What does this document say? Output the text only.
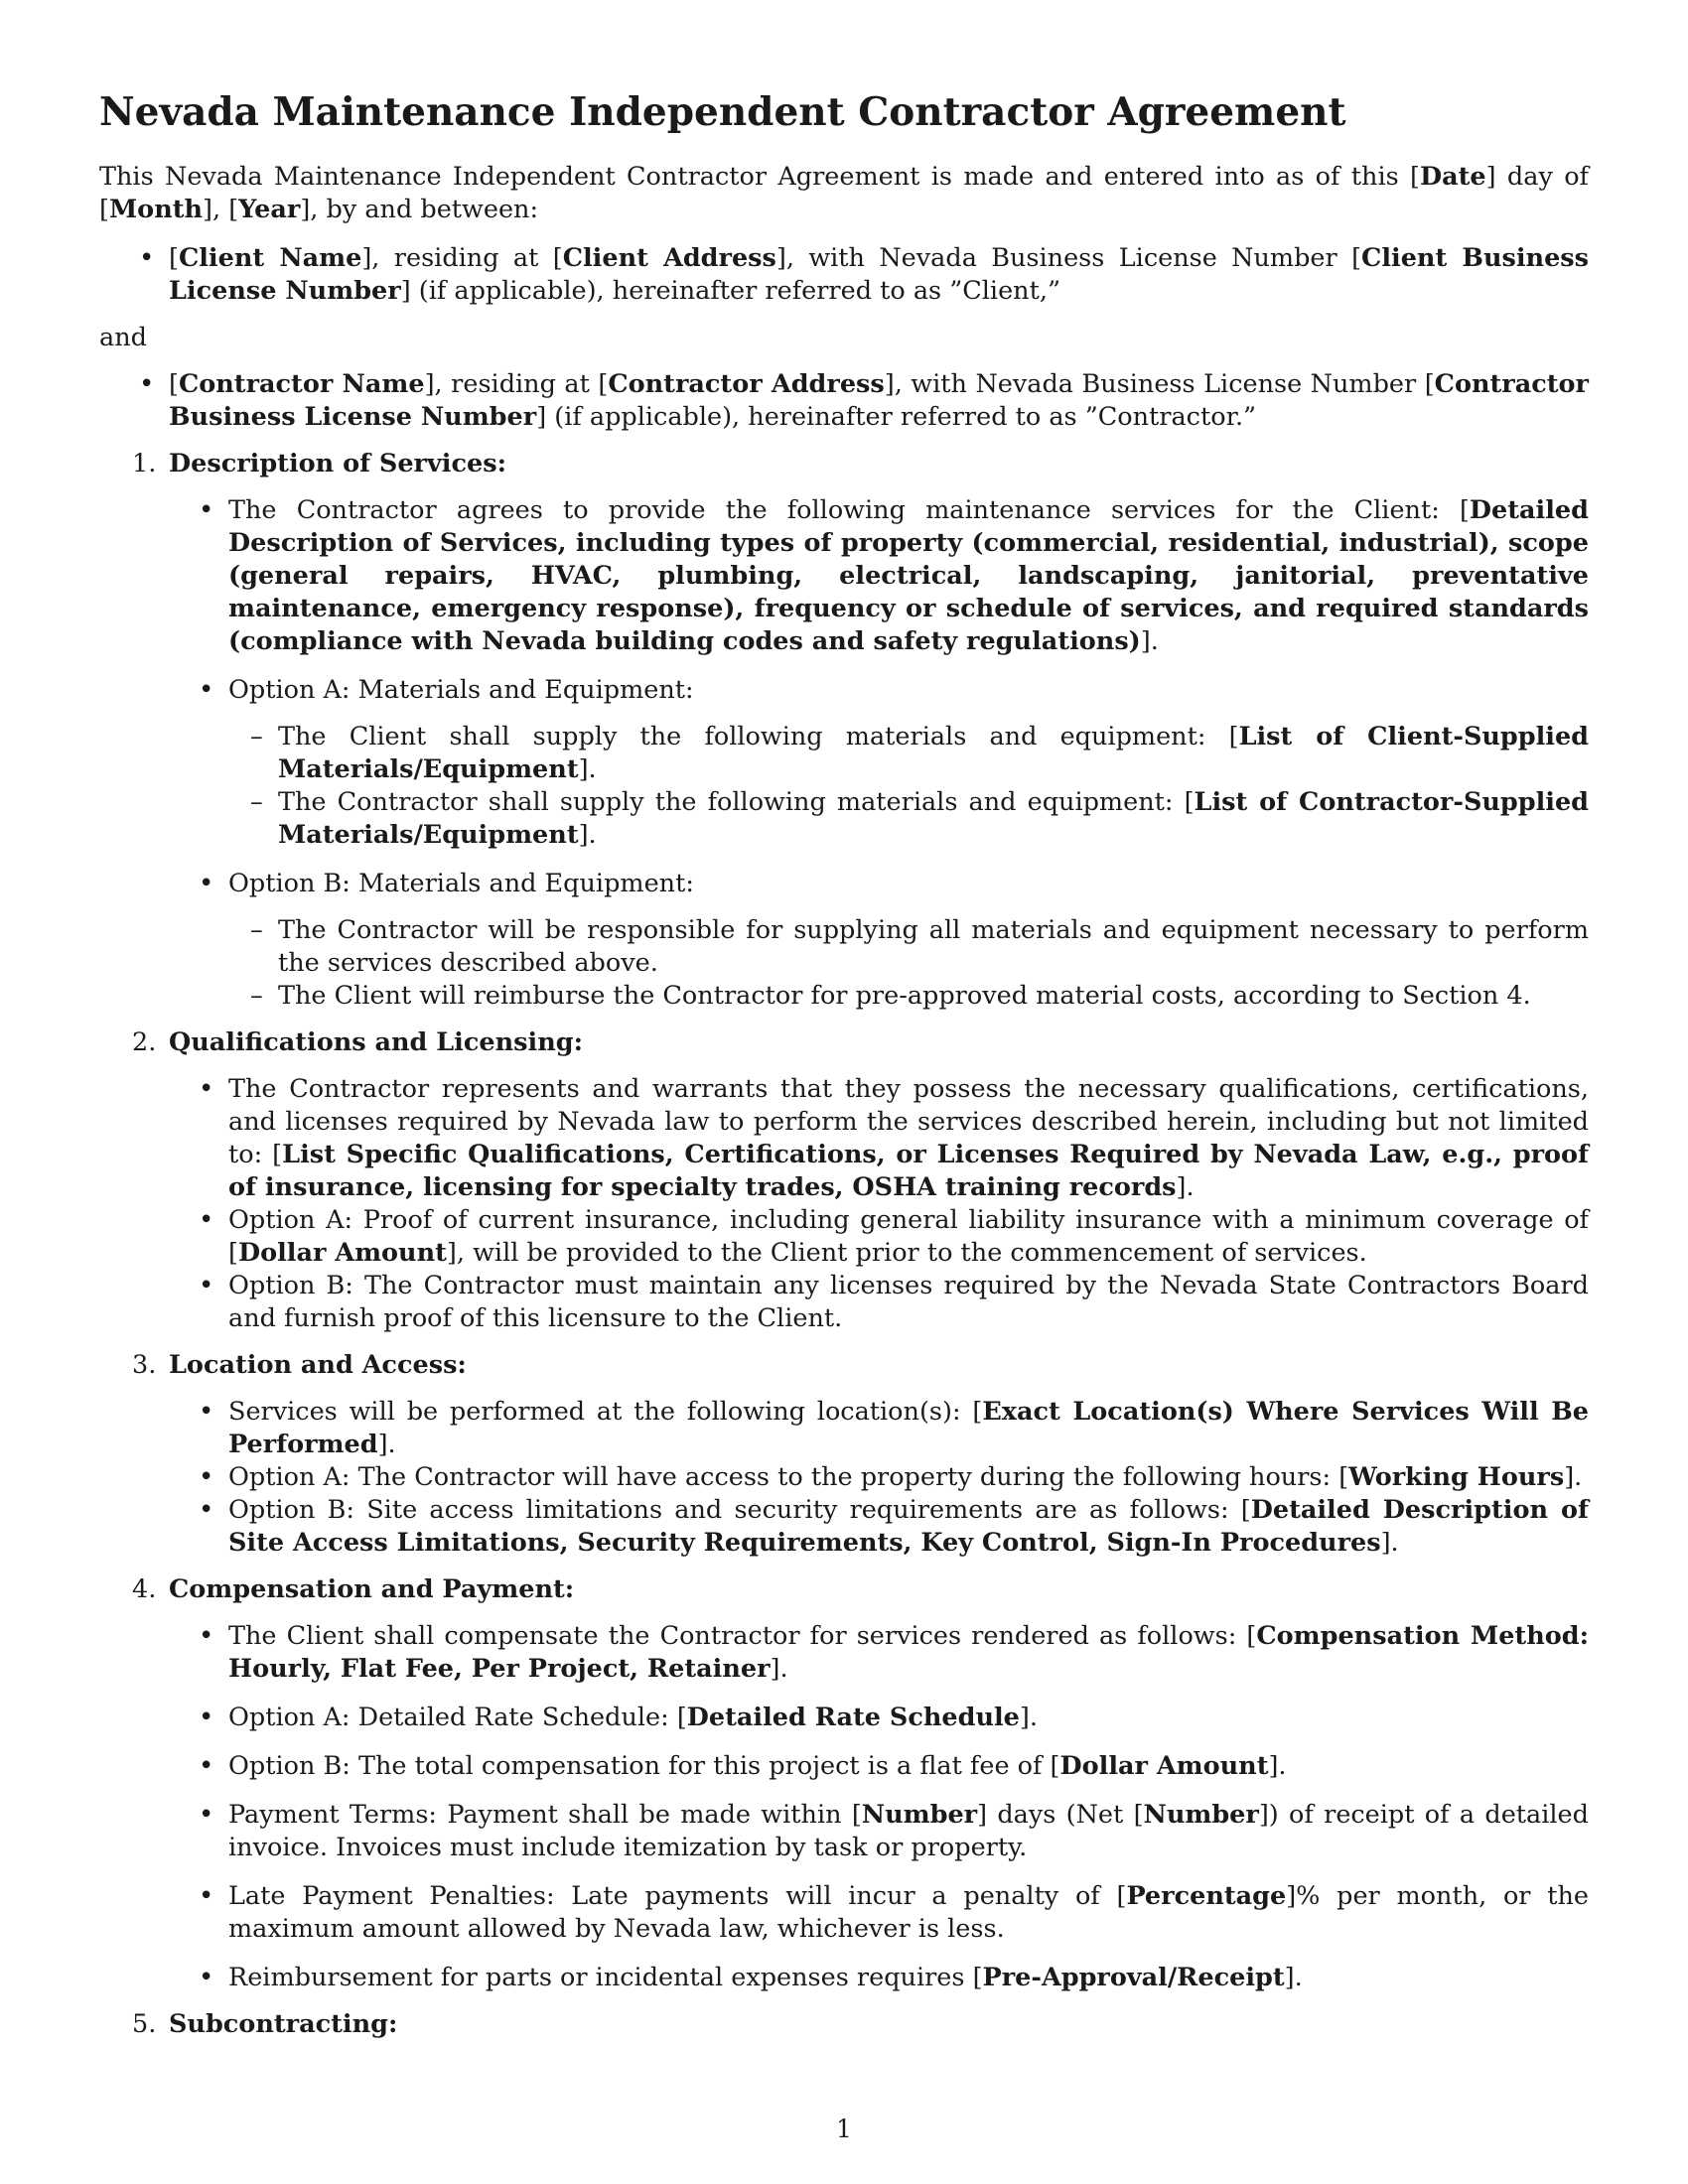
Nevada Maintenance Independent Contractor Agreement

This Nevada Maintenance Independent Contractor Agreement is made and entered into as of this [Date] day of [Month], [Year], by and between:

• [Client Name], residing at [Client Address], with Nevada Business License Number [Client Business License Number] (if applicable), hereinafter referred to as ”Client,”

and

• [Contractor Name], residing at [Contractor Address], with Nevada Business License Number [Contractor Business License Number] (if applicable), hereinafter referred to as ”Contractor.”
1. Description of Services:
• The Contractor agrees to provide the following maintenance services for the Client: [Detailed Description of Services, including types of property (commercial, residential, industrial), scope (general repairs, HVAC, plumbing, electrical, landscaping, janitorial, preventative maintenance, emergency response), frequency or schedule of services, and required standards (compliance with Nevada building codes and safety regulations)].
• Option A: Materials and Equipment:
– The Client shall supply the following materials and equipment: [List of Client-Supplied Materials/Equipment].
– The Contractor shall supply the following materials and equipment: [List of Contractor-Supplied Materials/Equipment].
• Option B: Materials and Equipment:
– The Contractor will be responsible for supplying all materials and equipment necessary to perform the services described above.
– The Client will reimburse the Contractor for pre-approved material costs, according to Section 4.
2. Qualifications and Licensing:
• The Contractor represents and warrants that they possess the necessary qualifications, certifications, and licenses required by Nevada law to perform the services described herein, including but not limited to: [List Specific Qualifications, Certifications, or Licenses Required by Nevada Law, e.g., proof of insurance, licensing for specialty trades, OSHA training records].
• Option A: Proof of current insurance, including general liability insurance with a minimum coverage of [Dollar Amount], will be provided to the Client prior to the commencement of services.
• Option B: The Contractor must maintain any licenses required by the Nevada State Contractors Board and furnish proof of this licensure to the Client.
3. Location and Access:
• Services will be performed at the following location(s): [Exact Location(s) Where Services Will Be Performed].
• Option A: The Contractor will have access to the property during the following hours: [Working Hours].
• Option B: Site access limitations and security requirements are as follows: [Detailed Description of Site Access Limitations, Security Requirements, Key Control, Sign-In Procedures].
4. Compensation and Payment:
• The Client shall compensate the Contractor for services rendered as follows: [Compensation Method: Hourly, Flat Fee, Per Project, Retainer].
• Option A: Detailed Rate Schedule: [Detailed Rate Schedule].
• Option B: The total compensation for this project is a flat fee of [Dollar Amount].
• Payment Terms: Payment shall be made within [Number] days (Net [Number]) of receipt of a detailed invoice. Invoices must include itemization by task or property.
• Late Payment Penalties: Late payments will incur a penalty of [Percentage]% per month, or the maximum amount allowed by Nevada law, whichever is less.
• Reimbursement for parts or incidental expenses requires [Pre-Approval/Receipt].
5. Subcontracting:
1
